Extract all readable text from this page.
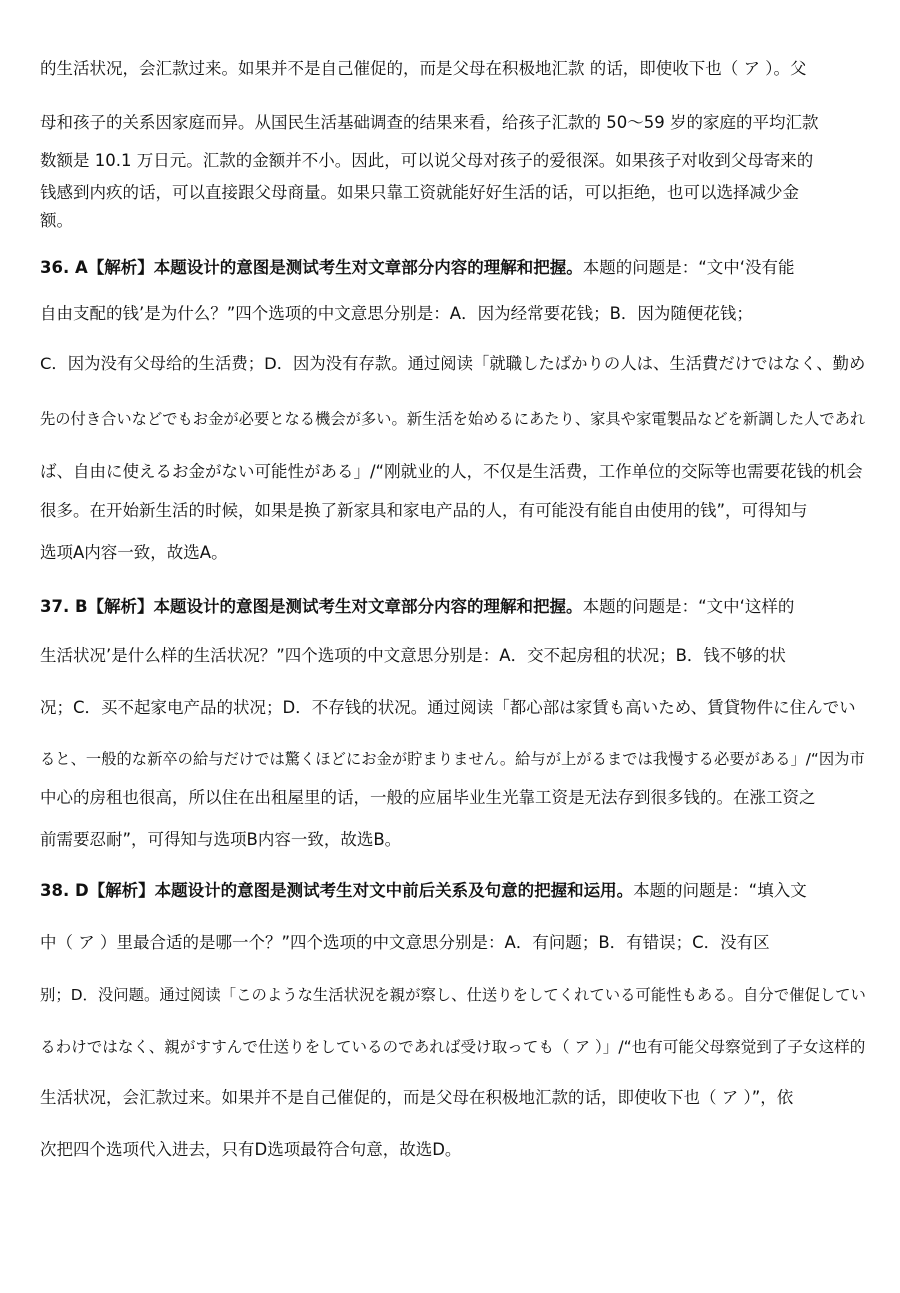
的生活状况，会汇款过来。如果并不是自己催促的，而是父母在积极地汇款 的话，即使收下也（ ア ）。父
母和孩子的关系因家庭而异。从国民生活基础调查的结果来看，给孩子汇款的 50～59 岁的家庭的平均汇款
数额是 10.1 万日元。汇款的金额并不小。因此，可以说父母对孩子的爱很深。如果孩子对收到父母寄来的
钱感到内疚的话，可以直接跟父母商量。如果只靠工资就能好好生活的话，可以拒绝，也可以选择减少金
额。
36. A【解析】本题设计的意图是测试考生对文章部分内容的理解和把握。本题的问题是：“文中‘没有能
自由支配的钱’是为什么？”四个选项的中文意思分别是：A．因为经常要花钱；B．因为随便花钱；
C．因为没有父母给的生活费；D．因为没有存款。通过阅读「就職したばかりの人は、生活費だけではなく、勤め
先の付き合いなどでもお金が必要となる機会が多い。新生活を始めるにあたり、家具や家電製品などを新調した人であれ
ば、自由に使えるお金がない可能性がある」/“刚就业的人，不仅是生活费，工作单位的交际等也需要花钱的机会
很多。在开始新生活的时候，如果是换了新家具和家电产品的人，有可能没有能自由使用的钱”，可得知与
选项A内容一致，故选A。
37. B【解析】本题设计的意图是测试考生对文章部分内容的理解和把握。本题的问题是：“文中‘这样的
生活状况’是什么样的生活状况？”四个选项的中文意思分别是：A．交不起房租的状况；B．钱不够的状
况；C．买不起家电产品的状况；D．不存钱的状况。通过阅读「都心部は家賃も高いため、賃貸物件に住んでい
ると、一般的な新卒の給与だけでは驚くほどにお金が貯まりません。給与が上がるまでは我慢する必要がある」/“因为市
中心的房租也很高，所以住在出租屋里的话，一般的应届毕业生光靠工资是无法存到很多钱的。在涨工资之
前需要忍耐”，可得知与选项B内容一致，故选B。
38. D【解析】本题设计的意图是测试考生对文中前后关系及句意的把握和运用。本题的问题是：“填入文
中（ ア ）里最合适的是哪一个？”四个选项的中文意思分别是：A．有问题；B．有错误；C．没有区
别；D．没问题。通过阅读「このような生活状況を親が察し、仕送りをしてくれている可能性もある。自分で催促してい
るわけではなく、親がすすんで仕送りをしているのであれば受け取っても（ ア ）」/“也有可能父母察觉到了子女这样的
生活状况，会汇款过来。如果并不是自己催促的，而是父母在积极地汇款的话，即使收下也（ ア ）”，依
次把四个选项代入进去，只有D选项最符合句意，故选D。
